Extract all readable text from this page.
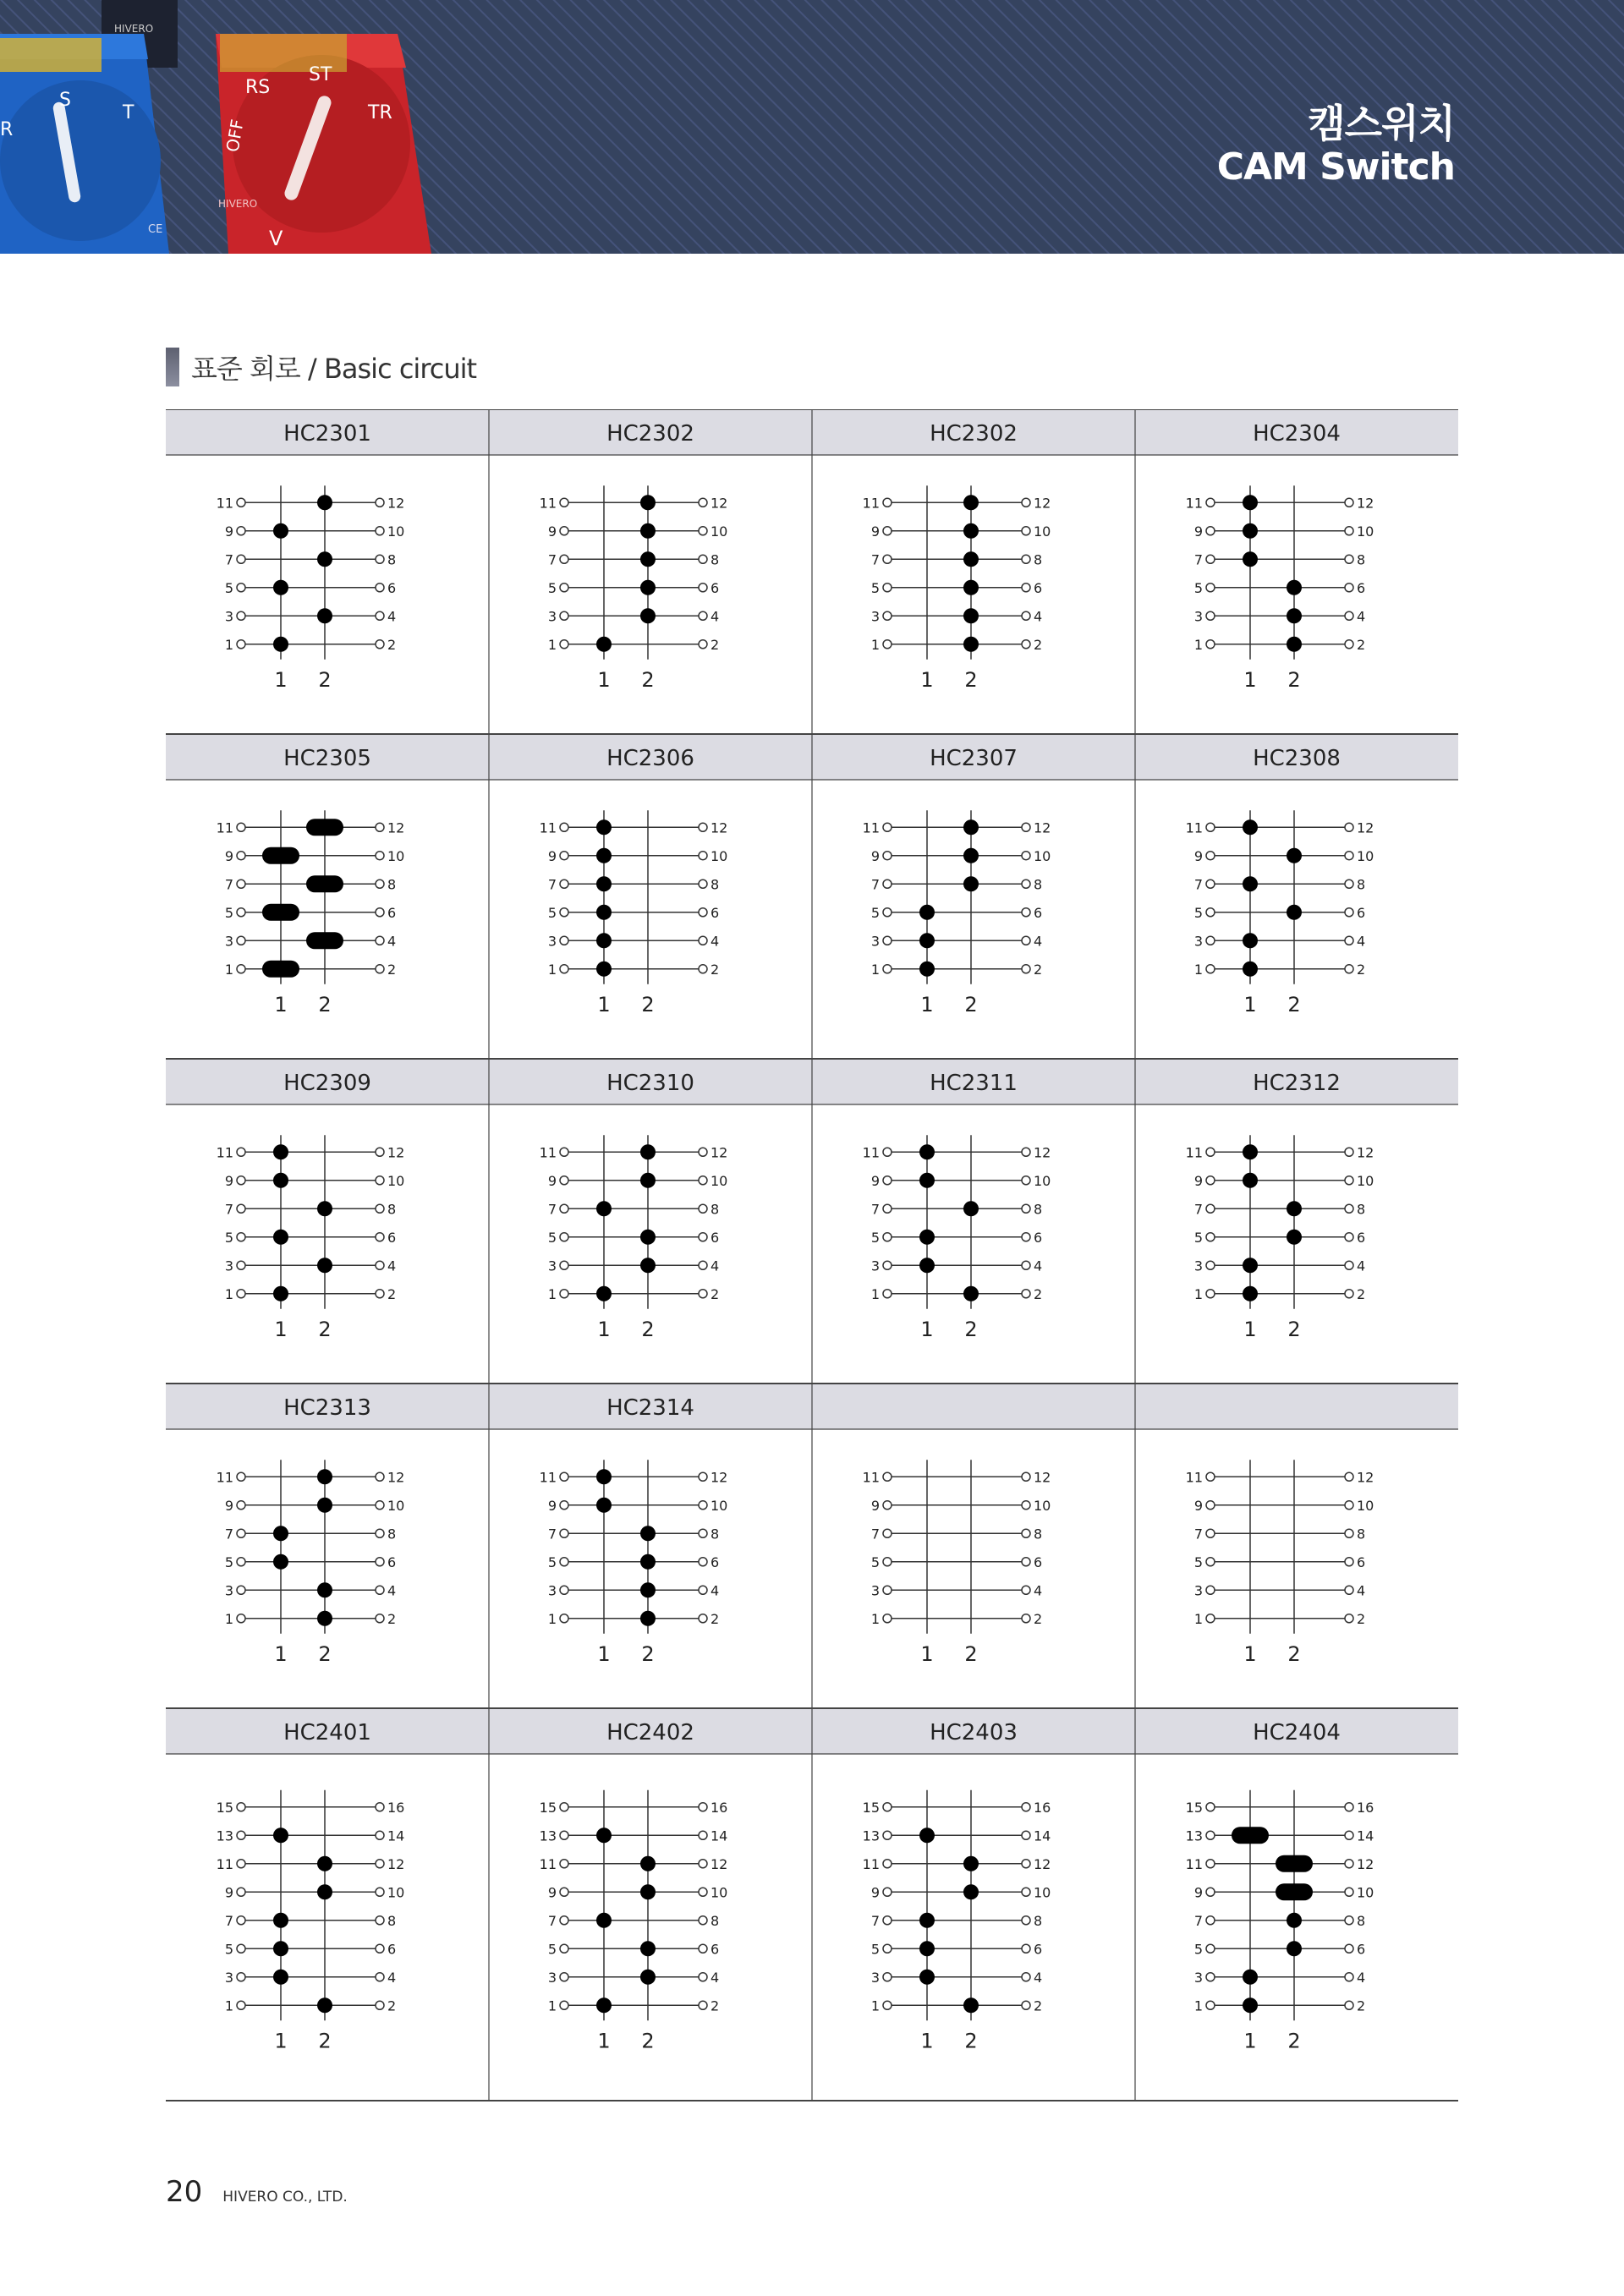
S
T
R
RS
ST
TR
OFF
V
HIVERO
HIVERO
CE
캠스위치
CAM Switch
표준 회로 / Basic circuit
HC2301
11	12
9	10
7	8
5	6
3	4
1	2
1 2
HC2302
11	12
9	10
7	8
5	6
3	4
1	2
1 2
HC2302
11	12
9	10
7	8
5	6
3	4
1	2
1 2
HC2304
11	12
9	10
7	8
5	6
3	4
1	2
1 2
HC2305
11	12
9	10
7	8
5	6
3	4
1	2
1 2
HC2306
11	12
9	10
7	8
5	6
3	4
1	2
1 2
HC2307
11	12
9	10
7	8
5	6
3	4
1	2
1 2
HC2308
11	12
9	10
7	8
5	6
3	4
1	2
1 2
HC2309
11	12
9	10
7	8
5	6
3	4
1	2
1 2
HC2310
11	12
9	10
7	8
5	6
3	4
1	2
1 2
HC2311
11	12
9	10
7	8
5	6
3	4
1	2
1 2
HC2312
11	12
9	10
7	8
5	6
3	4
1	2
1 2
HC2313
11	12
9	10
7	8
5	6
3	4
1	2
1 2
HC2314
11	12
9	10
7	8
5	6
3	4
1	2
1 2
11	12
9	10
7	8
5	6
3	4
1	2
1 2
11	12
9	10
7	8
5	6
3	4
1	2
1 2
HC2401
15	16
13	14
11	12
9	10
7	8
5	6
3	4
1	2
1 2
HC2402
15	16
13	14
11	12
9	10
7	8
5	6
3	4
1	2
1 2
HC2403
15	16
13	14
11	12
9	10
7	8
5	6
3	4
1	2
1 2
HC2404
15	16
13	14
11	12
9	10
7	8
5	6
3	4
1	2
1 2
20 HIVERO CO., LTD.
